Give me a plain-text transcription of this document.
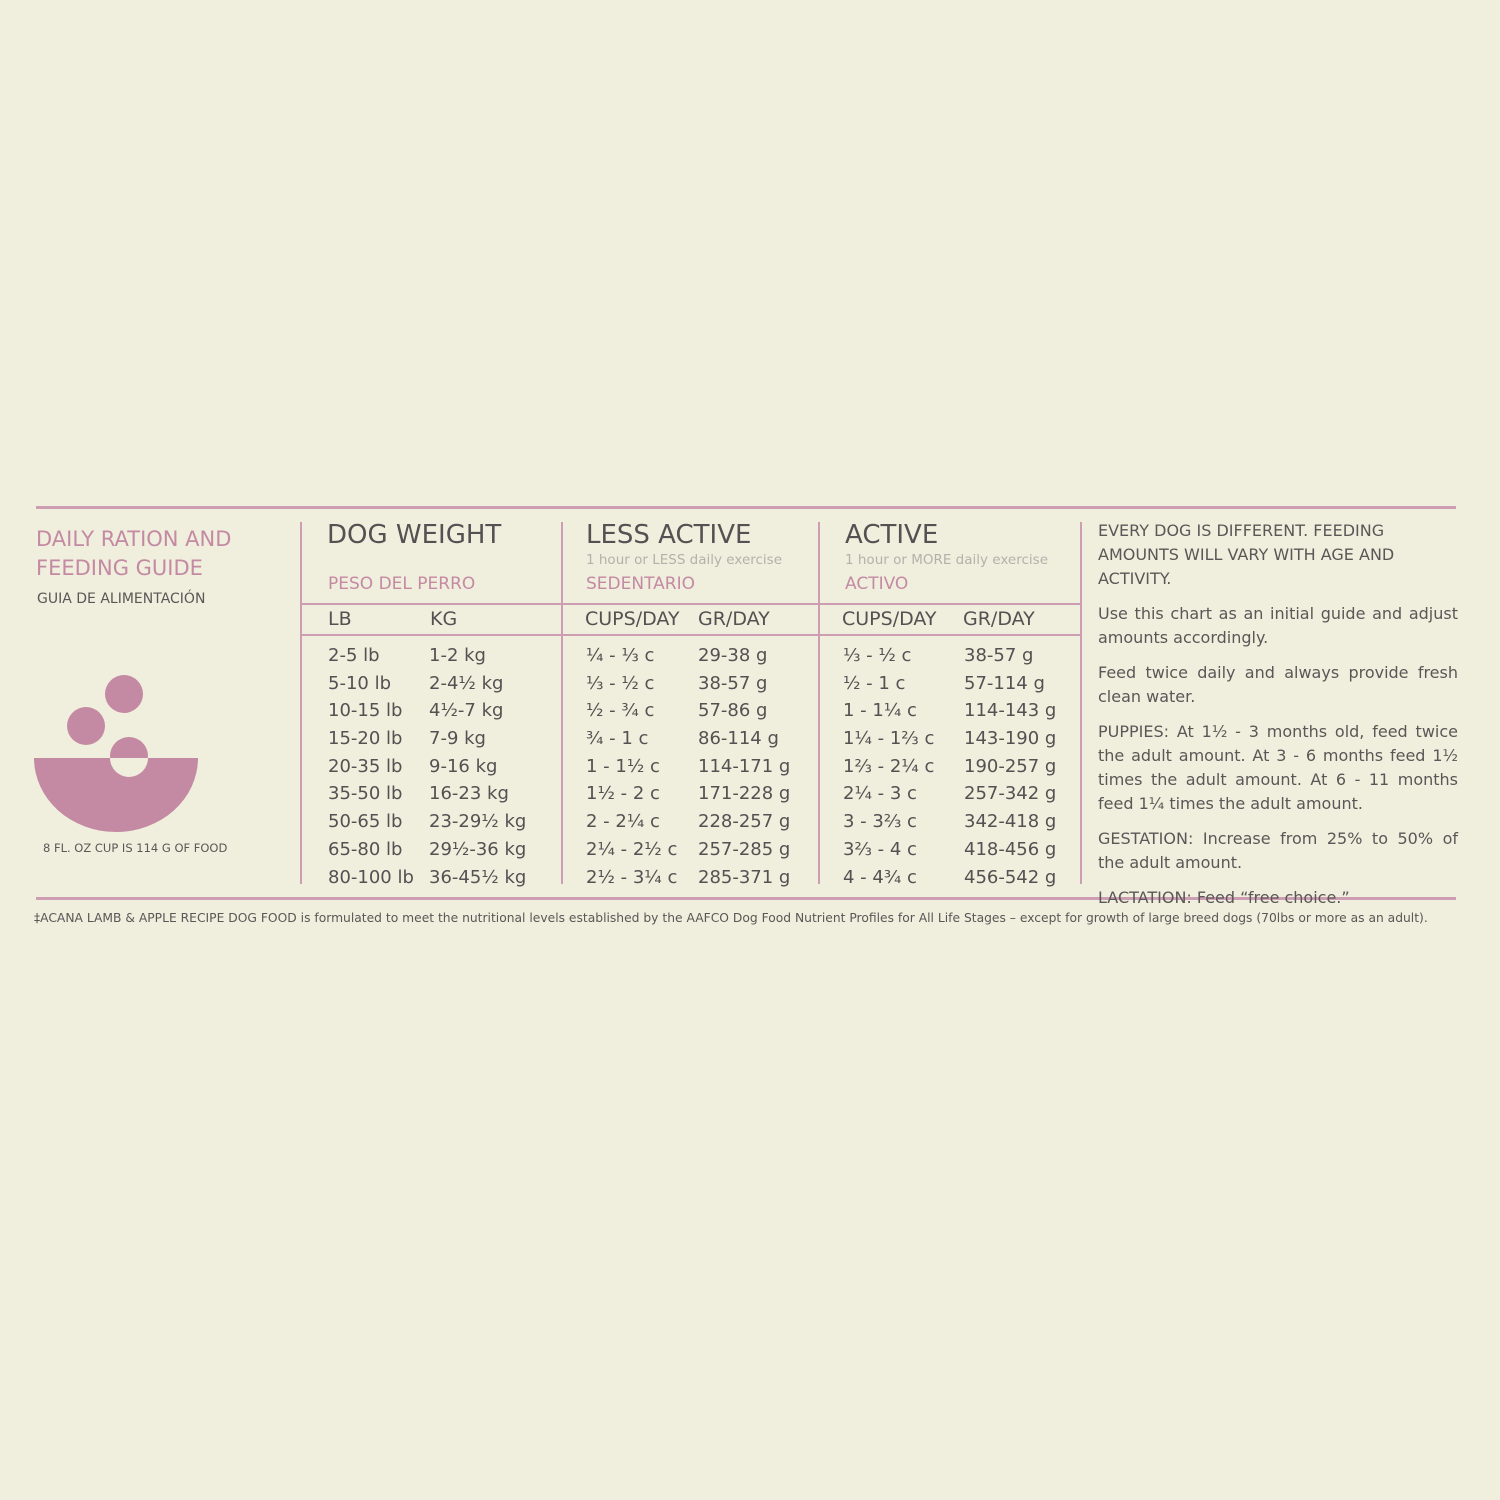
DAILY RATION AND FEEDING GUIDE
GUIA DE ALIMENTACIÓN
8 FL. OZ CUP IS 114 G OF FOOD
DOG WEIGHT
PESO DEL PERRO
LB	KG
2-5 lb
5-10 lb
10-15 lb
15-20 lb
20-35 lb
35-50 lb
50-65 lb
65-80 lb
80-100 lb
1-2 kg
2-4½ kg
4½-7 kg
7-9 kg
9-16 kg
16-23 kg
23-29½ kg
29½-36 kg
36-45½ kg
LESS ACTIVE
1 hour or LESS daily exercise
SEDENTARIO
CUPS/DAY GR/DAY
¼ - ⅓ c
⅓ - ½ c
½ - ¾ c
¾ - 1 c
1 - 1½ c
1½ - 2 c
2 - 2¼ c
2¼ - 2½ c
2½ - 3¼ c
29-38 g
38-57 g
57-86 g
86-114 g
114-171 g
171-228 g
228-257 g
257-285 g
285-371 g
ACTIVE
1 hour or MORE daily exercise
ACTIVO
CUPS/DAY GR/DAY
⅓ - ½ c
½ - 1 c
1 - 1¼ c
1¼ - 1⅔ c
1⅔ - 2¼ c
2¼ - 3 c
3 - 3⅔ c
3⅔ - 4 c
4 - 4¾ c
38-57 g
57-114 g
114-143 g
143-190 g
190-257 g
257-342 g
342-418 g
418-456 g
456-542 g

EVERY DOG IS DIFFERENT. FEEDING AMOUNTS WILL VARY WITH AGE AND ACTIVITY.

Use this chart as an initial guide and adjust amounts accordingly.

Feed twice daily and always provide fresh clean water.

PUPPIES: At 1½ - 3 months old, feed twice the adult amount. At 3 - 6 months feed 1½ times the adult amount. At 6 - 11 months feed 1¼ times the adult amount.

GESTATION: Increase from 25% to 50% of the adult amount.

LACTATION: Feed “free choice.”

‡ACANA LAMB & APPLE RECIPE DOG FOOD is formulated to meet the nutritional levels established by the AAFCO Dog Food Nutrient Profiles for All Life Stages – except for growth of large breed dogs (70lbs or more as an adult).
